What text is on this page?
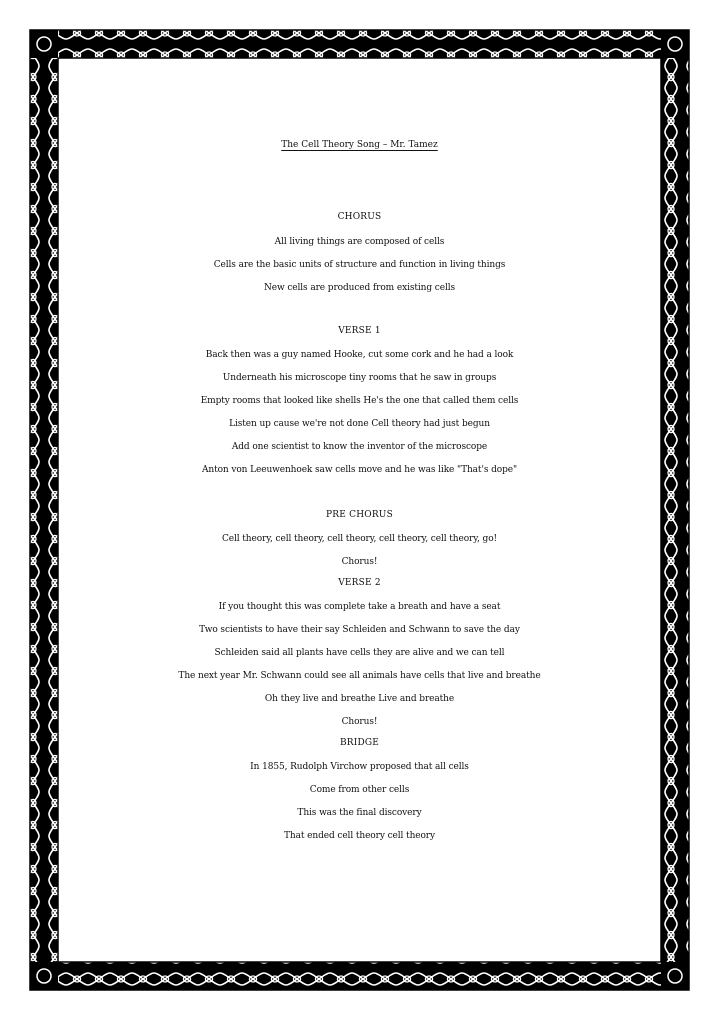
The Cell Theory Song – Mr. Tamez
CHORUS
All living things are composed of cells
Cells are the basic units of structure and function in living things
New cells are produced from existing cells
VERSE 1
Back then was a guy named Hooke, cut some cork and he had a look
Underneath his microscope tiny rooms that he saw in groups
Empty rooms that looked like shells He's the one that called them cells
Listen up cause we're not done Cell theory had just begun
Add one scientist to know the inventor of the microscope
Anton von Leeuwenhoek saw cells move and he was like "That's dope"
PRE CHORUS
Cell theory, cell theory, cell theory, cell theory, cell theory, go!
Chorus!
VERSE 2
If you thought this was complete take a breath and have a seat
Two scientists to have their say Schleiden and Schwann to save the day
Schleiden said all plants have cells they are alive and we can tell
The next year Mr. Schwann could see all animals have cells that live and breathe
Oh they live and breathe Live and breathe
Chorus!
BRIDGE
In 1855, Rudolph Virchow proposed that all cells
Come from other cells
This was the final discovery
That ended cell theory cell theory
